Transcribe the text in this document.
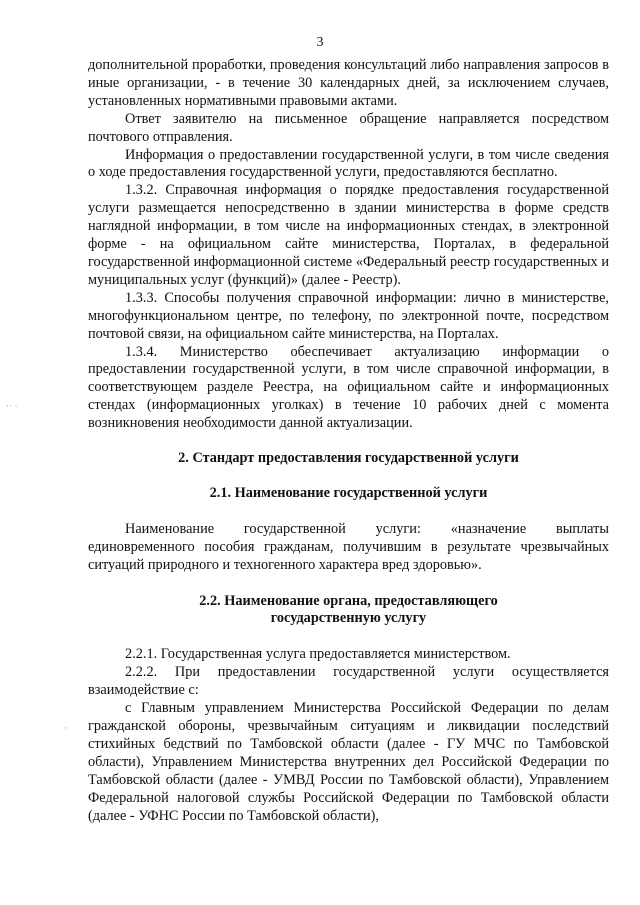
3
·· ·
·

дополнительной проработки, проведения консультаций либо направления запросов в иные организации, - в течение 30 календарных дней, за исключением случаев, установленных нормативными правовыми актами.

Ответ заявителю на письменное обращение направляется посредством почтового отправления.

Информация о предоставлении государственной услуги, в том числе сведения о ходе предоставления государственной услуги, предоставляются бесплатно.

1.3.2. Справочная информация о порядке предоставления государственной услуги размещается непосредственно в здании министерства в форме средств наглядной информации, в том числе на информационных стендах, в электронной форме - на официальном сайте министерства, Порталах, в федеральной государственной информационной системе «Федеральный реестр государственных и муниципальных услуг (функций)» (далее - Реестр).

1.3.3. Способы получения справочной информации: лично в министерстве, многофункциональном центре, по телефону, по электронной почте, посредством почтовой связи, на официальном сайте министерства, на Порталах.

1.3.4. Министерство обеспечивает актуализацию информации о предоставлении государственной услуги, в том числе справочной информации, в соответствующем разделе Реестра, на официальном сайте и информационных стендах (информационных уголках) в течение 10 рабочих дней с момента возникновения необходимости данной актуализации.

2. Стандарт предоставления государственной услуги

2.1. Наименование государственной услуги

Наименование государственной услуги: «назначение выплаты единовременного пособия гражданам, получившим в результате чрезвычайных ситуаций природного и техногенного характера вред здоровью».

2.2. Наименование органа, предоставляющего
государственную услугу

2.2.1. Государственная услуга предоставляется министерством.

2.2.2. При предоставлении государственной услуги осуществляется взаимодействие с:

с Главным управлением Министерства Российской Федерации по делам гражданской обороны, чрезвычайным ситуациям и ликвидации последствий стихийных бедствий по Тамбовской области (далее - ГУ МЧС по Тамбовской области), Управлением Министерства внутренних дел Российской Федерации по Тамбовской области (далее - УМВД России по Тамбовской области), Управлением Федеральной налоговой службы Российской Федерации по Тамбовской области (далее - УФНС России по Тамбовской области),
